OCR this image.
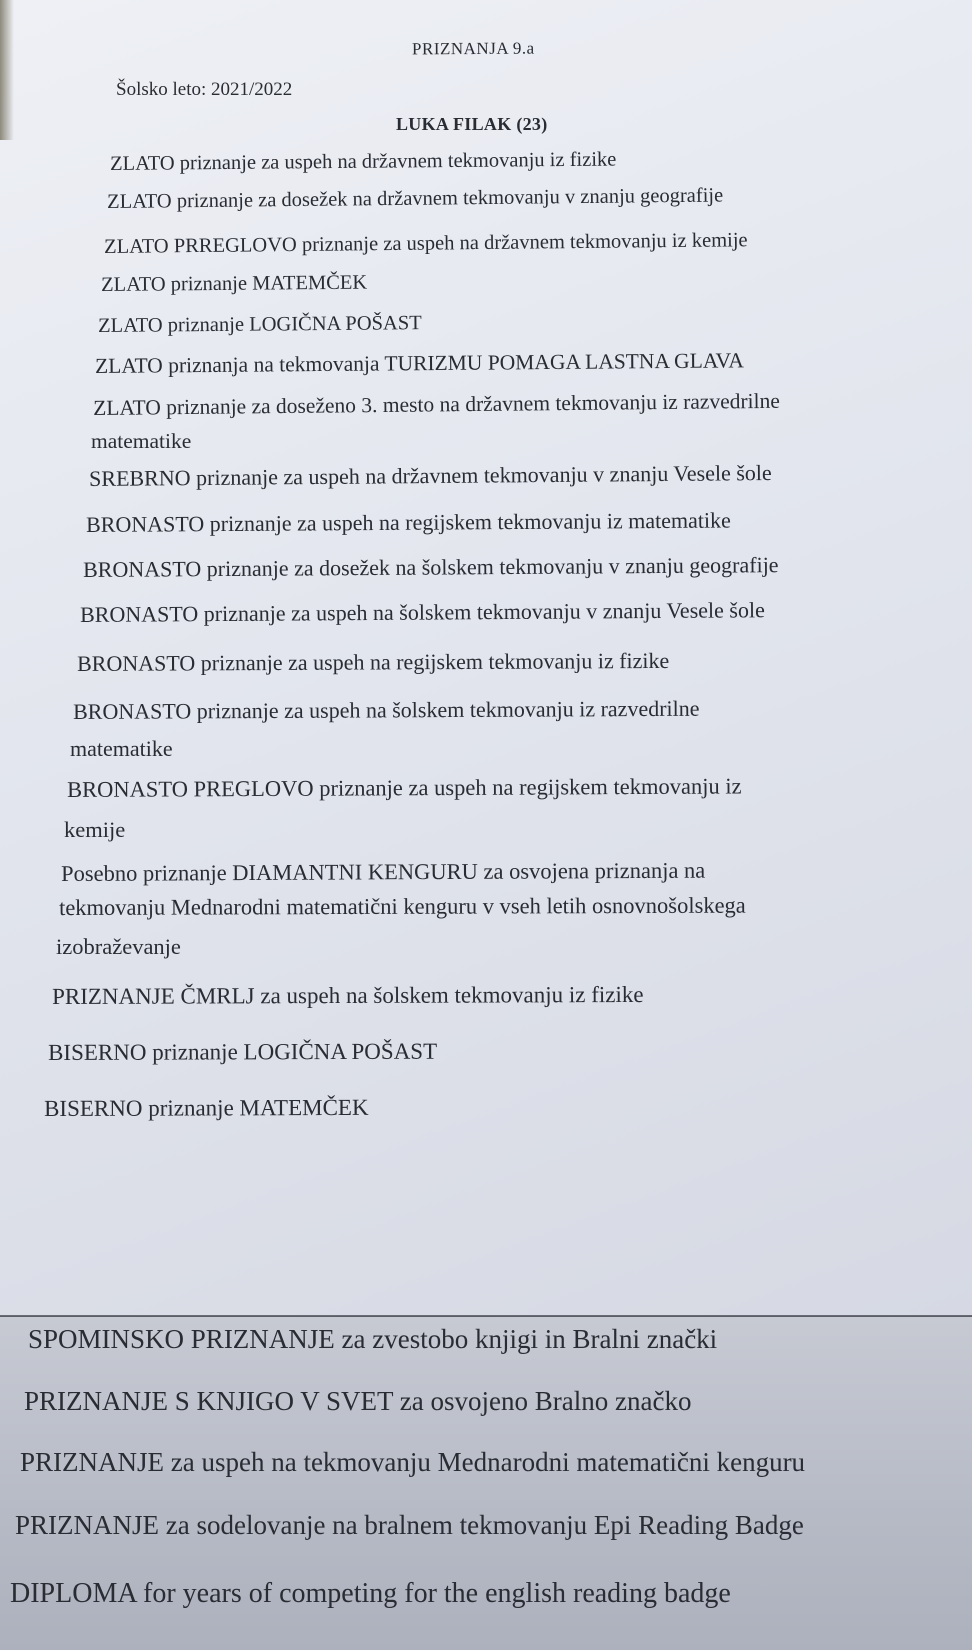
PRIZNANJA 9.a
Šolsko leto: 2021/2022
LUKA FILAK (23)
ZLATO priznanje za uspeh na državnem tekmovanju iz fizike
ZLATO priznanje za dosežek na državnem tekmovanju v znanju geografije
ZLATO PRREGLOVO priznanje za uspeh na državnem tekmovanju iz kemije
ZLATO priznanje MATEMČEK
ZLATO priznanje LOGIČNA POŠAST
ZLATO priznanja na tekmovanja TURIZMU POMAGA LASTNA GLAVA
ZLATO priznanje za doseženo 3. mesto na državnem tekmovanju iz razvedrilne
matematike
SREBRNO priznanje za uspeh na državnem tekmovanju v znanju Vesele šole
BRONASTO priznanje za uspeh na regijskem tekmovanju iz matematike
BRONASTO priznanje za dosežek na šolskem tekmovanju v znanju geografije
BRONASTO priznanje za uspeh na šolskem tekmovanju v znanju Vesele šole
BRONASTO priznanje za uspeh na regijskem tekmovanju iz fizike
BRONASTO priznanje za uspeh na šolskem tekmovanju iz razvedrilne
matematike
BRONASTO PREGLOVO priznanje za uspeh na regijskem tekmovanju iz
kemije
Posebno priznanje DIAMANTNI KENGURU za osvojena priznanja na
tekmovanju Mednarodni matematični kenguru v vseh letih osnovnošolskega
izobraževanje
PRIZNANJE ČMRLJ za uspeh na šolskem tekmovanju iz fizike
BISERNO priznanje LOGIČNA POŠAST
BISERNO priznanje MATEMČEK
SPOMINSKO PRIZNANJE za zvestobo knjigi in Bralni znački
PRIZNANJE S KNJIGO V SVET za osvojeno Bralno značko
PRIZNANJE za uspeh na tekmovanju Mednarodni matematični kenguru
PRIZNANJE za sodelovanje na bralnem tekmovanju Epi Reading Badge
DIPLOMA for years of competing for the english reading badge
